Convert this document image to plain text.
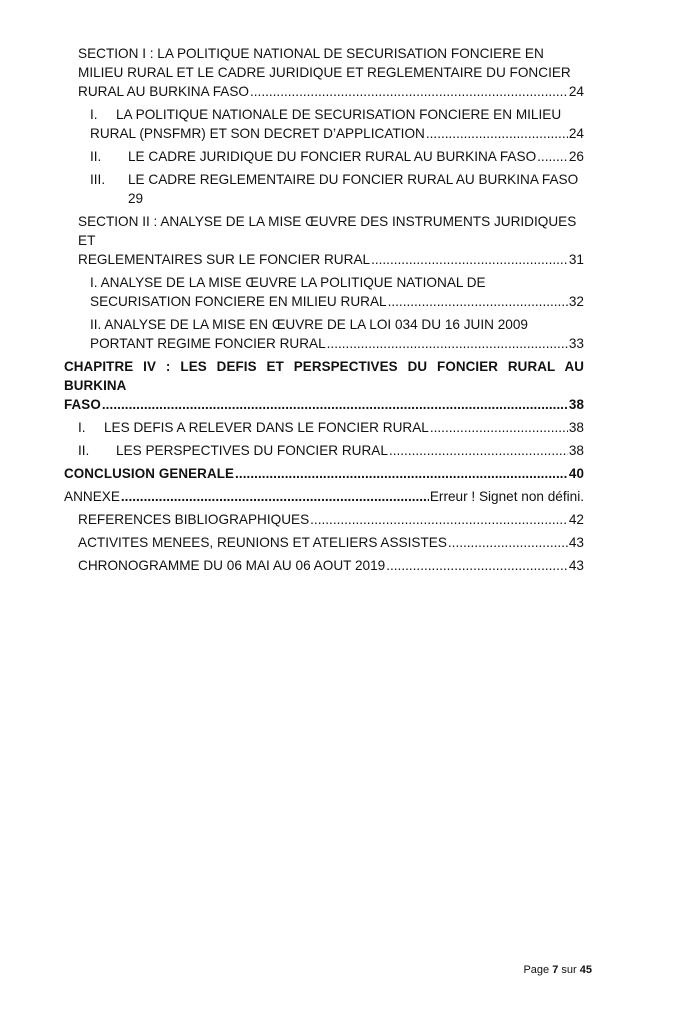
SECTION I : LA POLITIQUE NATIONAL DE SECURISATION FONCIERE EN
MILIEU RURAL ET LE CADRE JURIDIQUE ET REGLEMENTAIRE DU FONCIER
RURAL AU BURKINA FASO .....	24
I. LA POLITIQUE NATIONALE DE SECURISATION FONCIERE EN MILIEU
RURAL (PNSFMR) ET SON DECRET D’APPLICATION .....	24
II.	LE CADRE JURIDIQUE DU FONCIER RURAL AU BURKINA FASO ..... 26
III.	LE CADRE REGLEMENTAIRE DU FONCIER RURAL AU BURKINA FASO
29
SECTION II : ANALYSE DE LA MISE ŒUVRE DES INSTRUMENTS JURIDIQUES ET
REGLEMENTAIRES SUR LE FONCIER RURAL .....	31
I. ANALYSE DE LA MISE ŒUVRE LA POLITIQUE NATIONAL DE
SECURISATION FONCIERE EN MILIEU RURAL .....	32
II. ANALYSE DE LA MISE EN ŒUVRE DE LA LOI 034 DU 16 JUIN 2009
PORTANT REGIME FONCIER RURAL .....	33
CHAPITRE IV : LES DEFIS ET PERSPECTIVES DU FONCIER RURAL AU BURKINA
FASO .....	38
I.	LES DEFIS A RELEVER DANS LE FONCIER RURAL .....	38
II.	LES PERSPECTIVES DU FONCIER RURAL .....	38
CONCLUSION GENERALE .....	40
ANNEXE .....	Erreur ! Signet non défini.
REFERENCES BIBLIOGRAPHIQUES .....	42
ACTIVITES MENEES, REUNIONS ET ATELIERS ASSISTES .....	43
CHRONOGRAMME DU 06 MAI AU 06 AOUT 2019 .....	43
Page 7 sur 45
